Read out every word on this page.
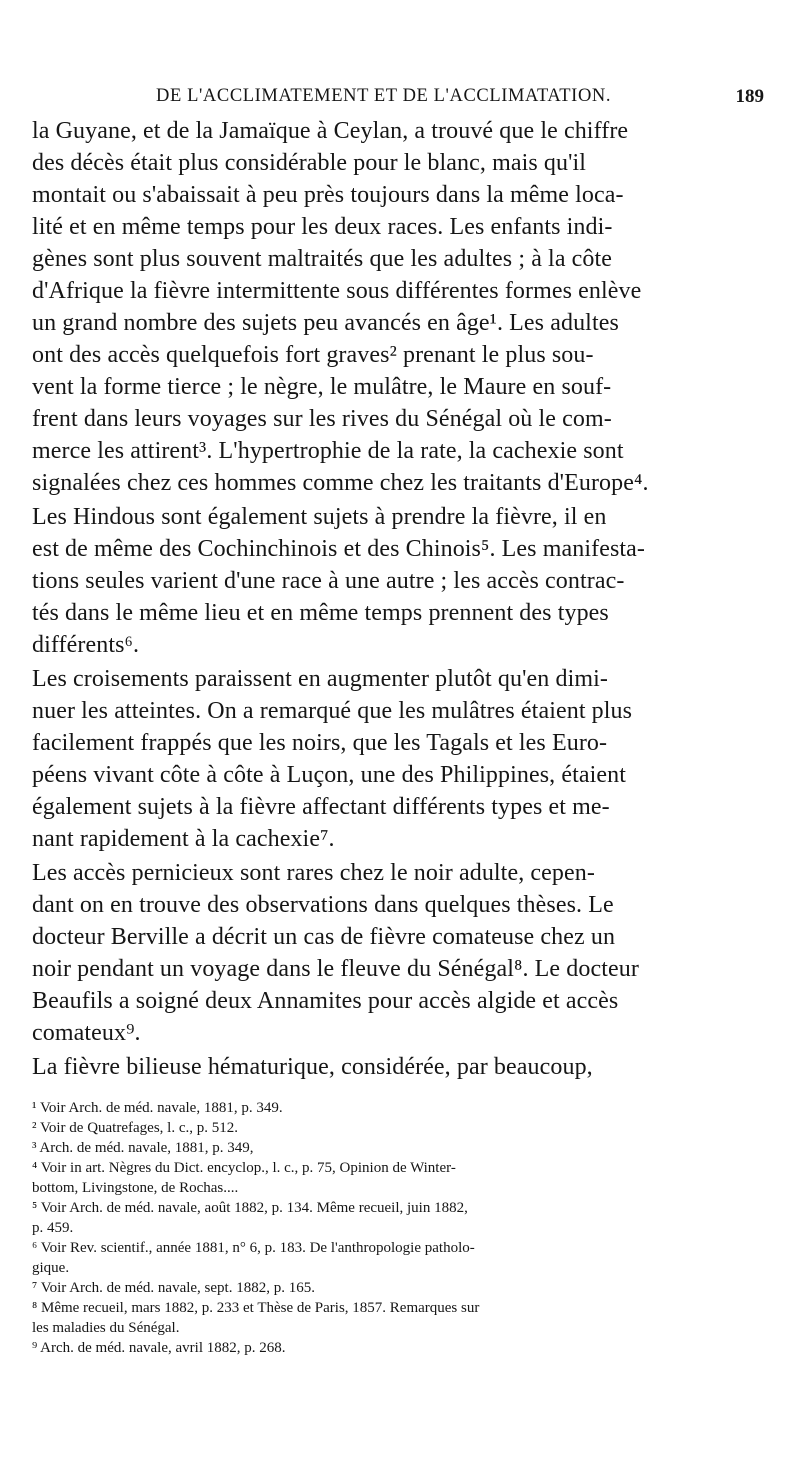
DE L'ACCLIMATEMENT ET DE L'ACCLIMATATION.	189
la Guyane, et de la Jamaïque à Ceylan, a trouvé que le chiffre
des décès était plus considérable pour le blanc, mais qu'il
montait ou s'abaissait à peu près toujours dans la même loca-
lité et en même temps pour les deux races. Les enfants indi-
gènes sont plus souvent maltraités que les adultes ; à la côte
d'Afrique la fièvre intermittente sous différentes formes enlève
un grand nombre des sujets peu avancés en âge¹. Les adultes
ont des accès quelquefois fort graves² prenant le plus sou-
vent la forme tierce ; le nègre, le mulâtre, le Maure en souf-
frent dans leurs voyages sur les rives du Sénégal où le com-
merce les attirent³. L'hypertrophie de la rate, la cachexie sont
signalées chez ces hommes comme chez les traitants d'Europe⁴.
Les Hindous sont également sujets à prendre la fièvre, il en
est de même des Cochinchinois et des Chinois⁵. Les manifesta-
tions seules varient d'une race à une autre ; les accès contrac-
tés dans le même lieu et en même temps prennent des types
différents⁶.
Les croisements paraissent en augmenter plutôt qu'en dimi-
nuer les atteintes. On a remarqué que les mulâtres étaient plus
facilement frappés que les noirs, que les Tagals et les Euro-
péens vivant côte à côte à Luçon, une des Philippines, étaient
également sujets à la fièvre affectant différents types et me-
nant rapidement à la cachexie⁷.
Les accès pernicieux sont rares chez le noir adulte, cepen-
dant on en trouve des observations dans quelques thèses. Le
docteur Berville a décrit un cas de fièvre comateuse chez un
noir pendant un voyage dans le fleuve du Sénégal⁸. Le docteur
Beaufils a soigné deux Annamites pour accès algide et accès
comateux⁹.
La fièvre bilieuse hématurique, considérée, par beaucoup,
¹ Voir Arch. de méd. navale, 1881, p. 349.
² Voir de Quatrefages, l. c., p. 512.
³ Arch. de méd. navale, 1881, p. 349,
⁴ Voir in art. Nègres du Dict. encyclop., l. c., p. 75, Opinion de Winter-
bottom, Livingstone, de Rochas....
⁵ Voir Arch. de méd. navale, août 1882, p. 134. Même recueil, juin 1882,
p. 459.
⁶ Voir Rev. scientif., année 1881, n° 6, p. 183. De l'anthropologie patholo-
gique.
⁷ Voir Arch. de méd. navale, sept. 1882, p. 165.
⁸ Même recueil, mars 1882, p. 233 et Thèse de Paris, 1857. Remarques sur
les maladies du Sénégal.
⁹ Arch. de méd. navale, avril 1882, p. 268.
